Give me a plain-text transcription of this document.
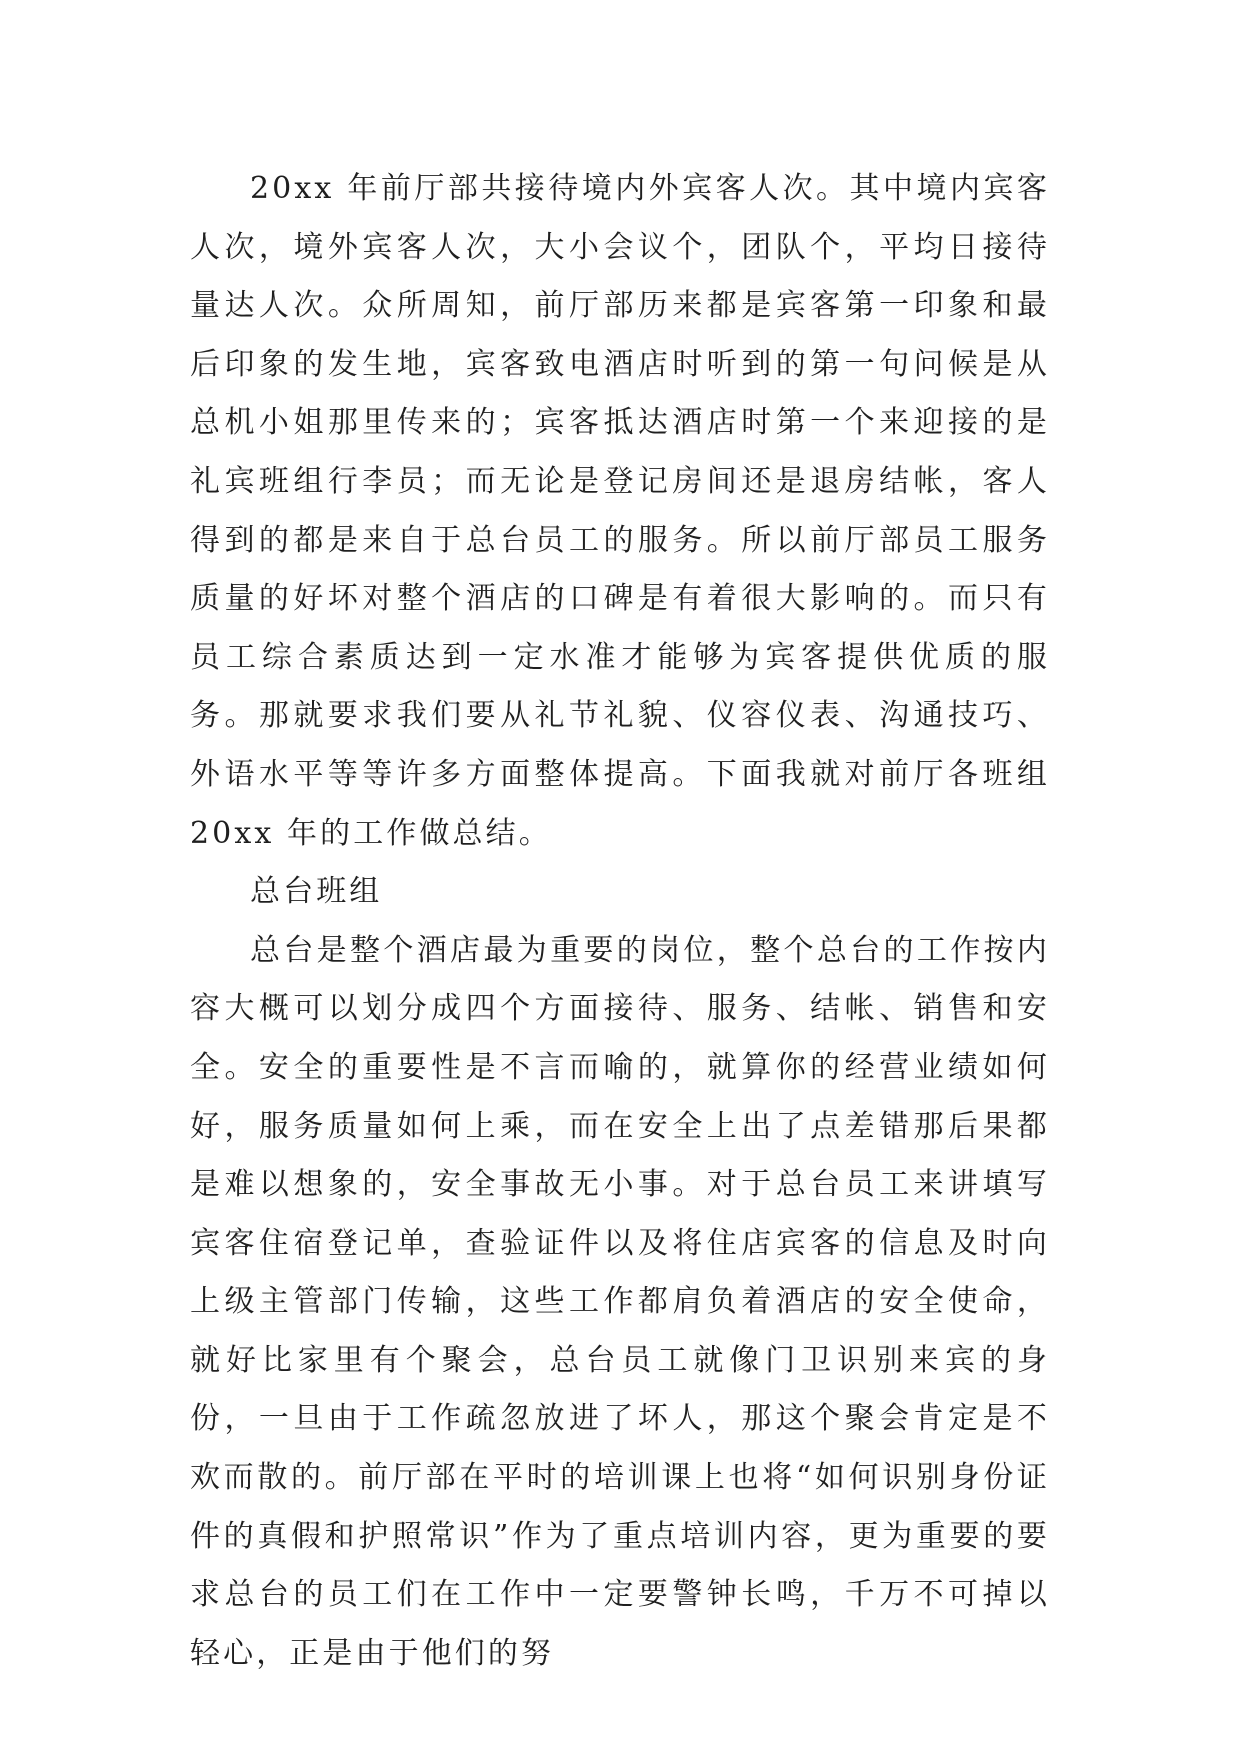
20xx 年前厅部共接待境内外宾客人次。其中境内宾客人次，境外宾客人次，大小会议个，团队个，平均日接待量达人次。众所周知，前厅部历来都是宾客第一印象和最后印象的发生地，宾客致电酒店时听到的第一句问候是从总机小姐那里传来的；宾客抵达酒店时第一个来迎接的是礼宾班组行李员；而无论是登记房间还是退房结帐，客人得到的都是来自于总台员工的服务。所以前厅部员工服务质量的好坏对整个酒店的口碑是有着很大影响的。而只有员工综合素质达到一定水准才能够为宾客提供优质的服务。那就要求我们要从礼节礼貌、仪容仪表、沟通技巧、外语水平等等许多方面整体提高。下面我就对前厅各班组 20xx 年的工作做总结。

总台班组

总台是整个酒店最为重要的岗位，整个总台的工作按内容大概可以划分成四个方面接待、服务、结帐、销售和安全。安全的重要性是不言而喻的，就算你的经营业绩如何好，服务质量如何上乘，而在安全上出了点差错那后果都是难以想象的，安全事故无小事。对于总台员工来讲填写宾客住宿登记单，查验证件以及将住店宾客的信息及时向上级主管部门传输，这些工作都肩负着酒店的安全使命，就好比家里有个聚会，总台员工就像门卫识别来宾的身份，一旦由于工作疏忽放进了坏人，那这个聚会肯定是不欢而散的。前厅部在平时的培训课上也将“如何识别身份证件的真假和护照常识”作为了重点培训内容，更为重要的要求总台的员工们在工作中一定要警钟长鸣，千万不可掉以轻心，正是由于他们的努
